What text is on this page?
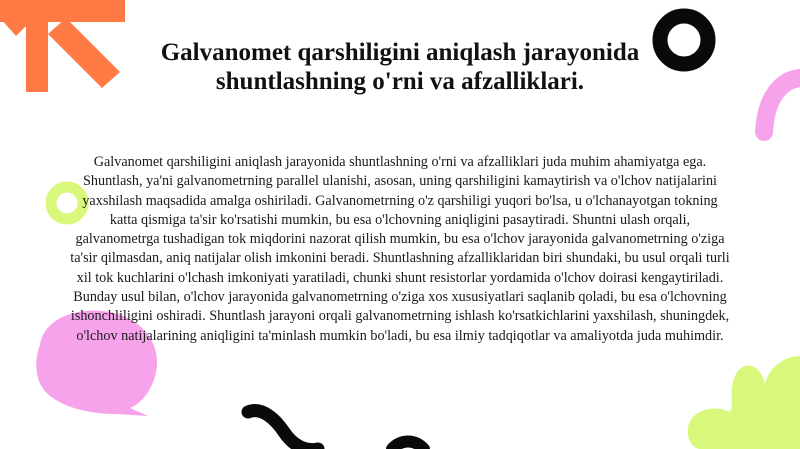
Galvanomet qarshiligini aniqlash jarayonida shuntlashning o'rni va afzalliklari.

Galvanomet qarshiligini aniqlash jarayonida shuntlashning o'rni va afzalliklari juda muhim ahamiyatga ega. Shuntlash, ya'ni galvanometrning parallel ulanishi, asosan, uning qarshiligini kamaytirish va o'lchov natijalarini yaxshilash maqsadida amalga oshiriladi. Galvanometrning o'z qarshiligi yuqori bo'lsa, u o'lchanayotgan tokning katta qismiga ta'sir ko'rsatishi mumkin, bu esa o'lchovning aniqligini pasaytiradi. Shuntni ulash orqali, galvanometrga tushadigan tok miqdorini nazorat qilish mumkin, bu esa o'lchov jarayonida galvanometrning o'ziga ta'sir qilmasdan, aniq natijalar olish imkonini beradi. Shuntlashning afzalliklaridan biri shundaki, bu usul orqali turli xil tok kuchlarini o'lchash imkoniyati yaratiladi, chunki shunt resistorlar yordamida o'lchov doirasi kengaytiriladi. Bunday usul bilan, o'lchov jarayonida galvanometrning o'ziga xos xususiyatlari saqlanib qoladi, bu esa o'lchovning ishonchliligini oshiradi. Shuntlash jarayoni orqali galvanometrning ishlash ko'rsatkichlarini yaxshilash, shuningdek, o'lchov natijalarining aniqligini ta'minlash mumkin bo'ladi, bu esa ilmiy tadqiqotlar va amaliyotda juda muhimdir.
